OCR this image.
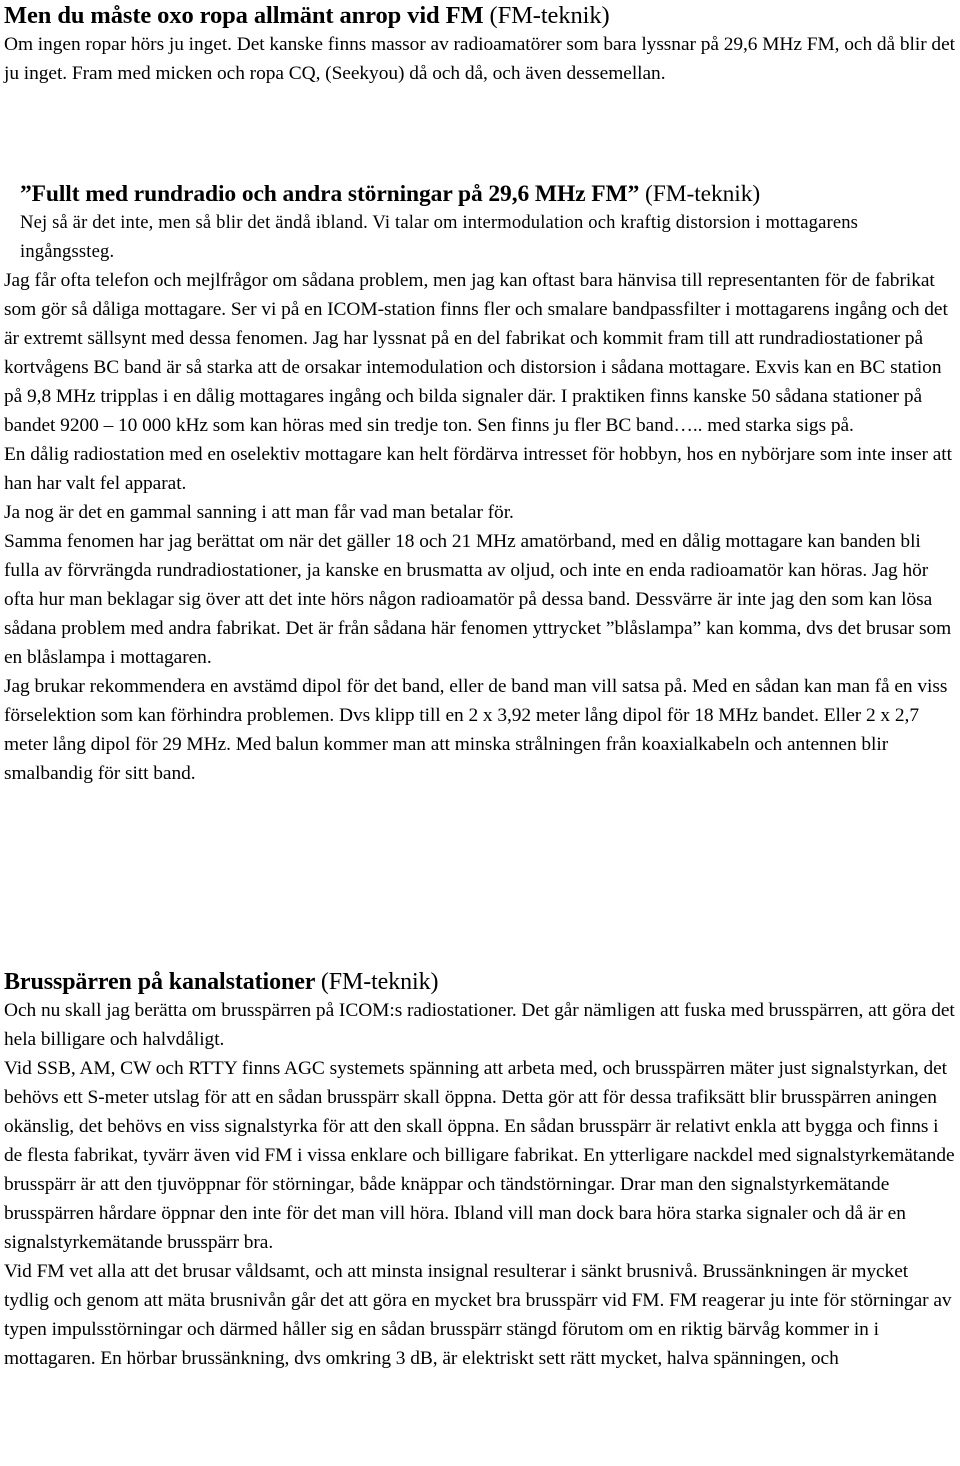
Men du måste oxo ropa allmänt anrop vid FM (FM-teknik)

Om ingen ropar hörs ju inget. Det kanske finns massor av radioamatörer som bara lyssnar på 29,6 MHz FM, och då blir det ju inget. Fram med micken och ropa CQ, (Seekyou) då och då, och även dessemellan.

”Fullt med rundradio och andra störningar på 29,6 MHz FM” (FM-teknik)

Nej så är det inte, men så blir det ändå ibland. Vi talar om intermodulation och kraftig distorsion i mottagarens ingångssteg.

Jag får ofta telefon och mejlfrågor om sådana problem, men jag kan oftast bara hänvisa till representanten för de fabrikat som gör så dåliga mottagare. Ser vi på en ICOM-station finns fler och smalare bandpassfilter i mottagarens ingång och det är extremt sällsynt med dessa fenomen. Jag har lyssnat på en del fabrikat och kommit fram till att rundradiostationer på kortvågens BC band är så starka att de orsakar intemodulation och distorsion i sådana mottagare. Exvis kan en BC station på 9,8 MHz tripplas i en dålig mottagares ingång och bilda signaler där. I praktiken finns kanske 50 sådana stationer på bandet 9200 – 10 000 kHz som kan höras med sin tredje ton. Sen finns ju fler BC band….. med starka sigs på.

En dålig radiostation med en oselektiv mottagare kan helt fördärva intresset för hobbyn, hos en nybörjare som inte inser att han har valt fel apparat.

Ja nog är det en gammal sanning i att man får vad man betalar för.

Samma fenomen har jag berättat om när det gäller 18 och 21 MHz amatörband, med en dålig mottagare kan banden bli fulla av förvrängda rundradiostationer, ja kanske en brusmatta av oljud, och inte en enda radioamatör kan höras. Jag hör ofta hur man beklagar sig över att det inte hörs någon radioamatör på dessa band. Dessvärre är inte jag den som kan lösa sådana problem med andra fabrikat. Det är från sådana här fenomen yttrycket ”blåslampa” kan komma, dvs det brusar som en blåslampa i mottagaren.

Jag brukar rekommendera en avstämd dipol för det band, eller de band man vill satsa på. Med en sådan kan man få en viss förselektion som kan förhindra problemen. Dvs klipp till en 2 x 3,92 meter lång dipol för 18 MHz bandet. Eller 2 x 2,7 meter lång dipol för 29 MHz. Med balun kommer man att minska strålningen från koaxialkabeln och antennen blir smalbandig för sitt band.

Brusspärren på kanalstationer (FM-teknik)

Och nu skall jag berätta om brusspärren på ICOM:s radiostationer. Det går nämligen att fuska med brusspärren, att göra det hela billigare och halvdåligt.

Vid SSB, AM, CW och RTTY finns AGC systemets spänning att arbeta med, och brusspärren mäter just signalstyrkan, det behövs ett S-meter utslag för att en sådan brusspärr skall öppna. Detta gör att för dessa trafiksätt blir brusspärren aningen okänslig, det behövs en viss signalstyrka för att den skall öppna. En sådan brusspärr är relativt enkla att bygga och finns i de flesta fabrikat, tyvärr även vid FM i vissa enklare och billigare fabrikat. En ytterligare nackdel med signalstyrkemätande brusspärr är att den tjuvöppnar för störningar, både knäppar och tändstörningar. Drar man den signalstyrkemätande brusspärren hårdare öppnar den inte för det man vill höra. Ibland vill man dock bara höra starka signaler och då är en signalstyrkemätande brusspärr bra.

Vid FM vet alla att det brusar våldsamt, och att minsta insignal resulterar i sänkt brusnivå. Brussänkningen är mycket tydlig och genom att mäta brusnivån går det att göra en mycket bra brusspärr vid FM. FM reagerar ju inte för störningar av typen impulsstörningar och därmed håller sig en sådan brusspärr stängd förutom om en riktig bärvåg kommer in i mottagaren. En hörbar brussänkning, dvs omkring 3 dB, är elektriskt sett rätt mycket, halva spänningen, och
